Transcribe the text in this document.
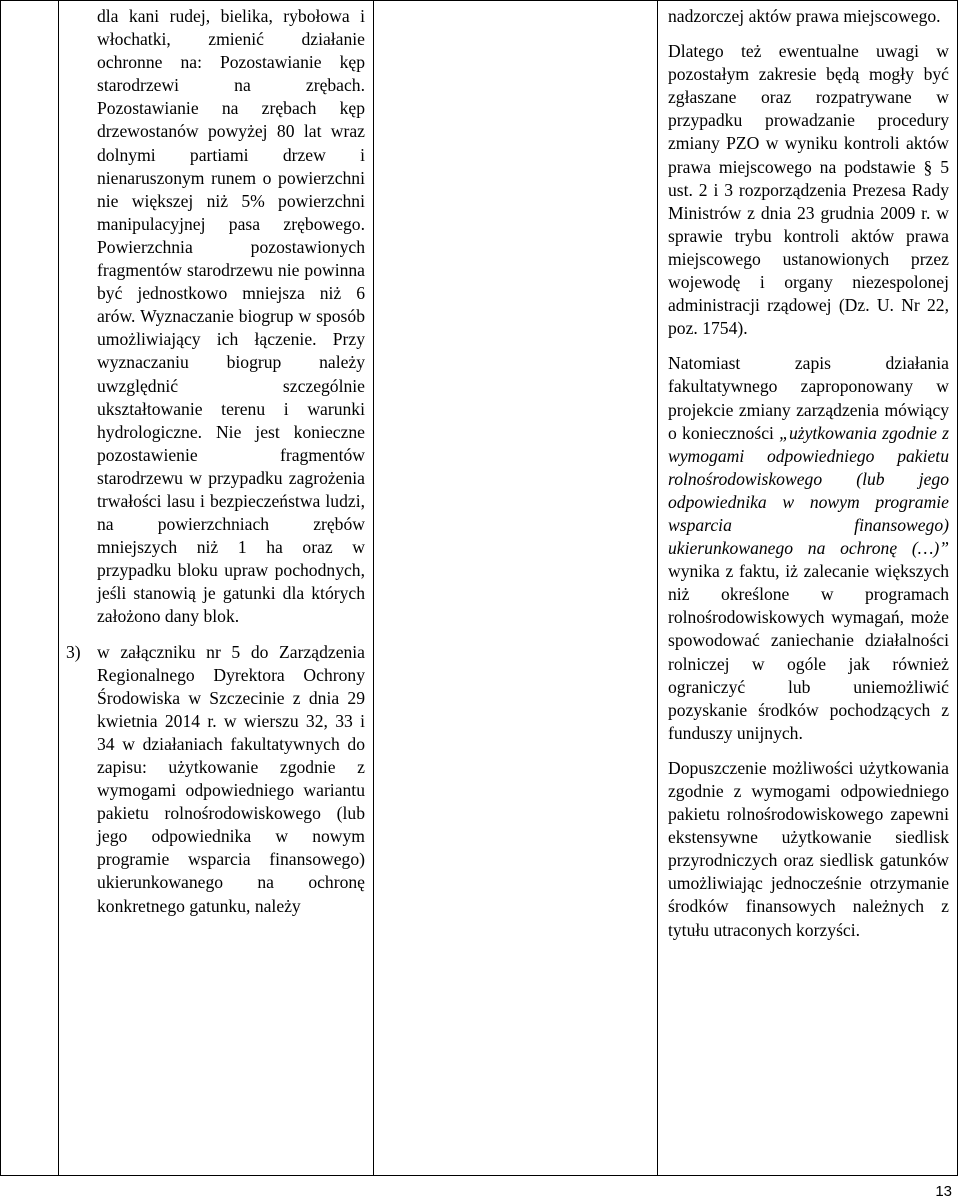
dla kani rudej, bielika, rybołowa i włochatki, zmienić działanie ochronne na: Pozostawianie kęp starodrzewi na zrębach. Pozostawianie na zrębach kęp drzewostanów powyżej 80 lat wraz dolnymi partiami drzew i nienaruszonym runem o powierzchni nie większej niż 5% powierzchni manipulacyjnej pasa zrębowego. Powierzchnia pozostawionych fragmentów starodrzewu nie powinna być jednostkowo mniejsza niż 6 arów. Wyznaczanie biogrup w sposób umożliwiający ich łączenie. Przy wyznaczaniu biogrup należy uwzględnić szczególnie ukształtowanie terenu i warunki hydrologiczne. Nie jest konieczne pozostawienie fragmentów starodrzewu w przypadku zagrożenia trwałości lasu i bezpieczeństwa ludzi, na powierzchniach zrębów mniejszych niż 1 ha oraz w przypadku bloku upraw pochodnych, jeśli stanowią je gatunki dla których założono dany blok.

3) w załączniku nr 5 do Zarządzenia Regionalnego Dyrektora Ochrony Środowiska w Szczecinie z dnia 29 kwietnia 2014 r. w wierszu 32, 33 i 34 w działaniach fakultatywnych do zapisu: użytkowanie zgodnie z wymogami odpowiedniego wariantu pakietu rolnośrodowiskowego (lub jego odpowiednika w nowym programie wsparcia finansowego) ukierunkowanego na ochronę konkretnego gatunku, należy

nadzorczej aktów prawa miejscowego.

Dlatego też ewentualne uwagi w pozostałym zakresie będą mogły być zgłaszane oraz rozpatrywane w przypadku prowadzanie procedury zmiany PZO w wyniku kontroli aktów prawa miejscowego na podstawie § 5 ust. 2 i 3 rozporządzenia Prezesa Rady Ministrów z dnia 23 grudnia 2009 r. w sprawie trybu kontroli aktów prawa miejscowego ustanowionych przez wojewodę i organy niezespolonej administracji rządowej (Dz. U. Nr 22, poz. 1754).

Natomiast zapis działania fakultatywnego zaproponowany w projekcie zmiany zarządzenia mówiący o konieczności „użytkowania zgodnie z wymogami odpowiedniego pakietu rolnośrodowiskowego (lub jego odpowiednika w nowym programie wsparcia finansowego) ukierunkowanego na ochronę (…)” wynika z faktu, iż zalecanie większych niż określone w programach rolnośrodowiskowych wymagań, może spowodować zaniechanie działalności rolniczej w ogóle jak również ograniczyć lub uniemożliwić pozyskanie środków pochodzących z funduszy unijnych.

Dopuszczenie możliwości użytkowania zgodnie z wymogami odpowiedniego pakietu rolnośrodowiskowego zapewni ekstensywne użytkowanie siedlisk przyrodniczych oraz siedlisk gatunków umożliwiając jednocześnie otrzymanie środków finansowych należnych z tytułu utraconych korzyści.

13
